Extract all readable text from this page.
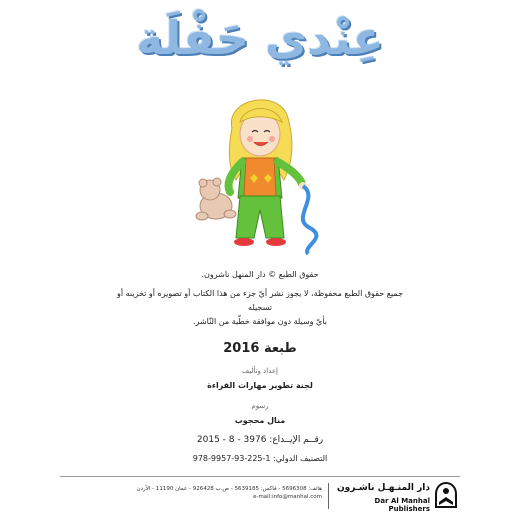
عِنْدي حَفْلَة
حقوق الطبع © دار المنهل ناشرون.
جميع حقوق الطبع محفوظة، لا يجوز نشر أيّ جزء من هذا الكتاب أو تصويره أو تخزينه أو تسجيله
بأيّ وسيلة دون موافقة خطّية من النّاشر.
طبعة 2016
إعداد وتأليف
لجنة تطوير مهارات القراءة
رسوم
منال محجوب
رقــم الإيــداع: 3976 - 8 - 2015
التصنيف الدولي: 1-225-93-9957-978
هاتف: 5696308 - فاكس: 5639185 - ص.ب 926428 - عمان 11190 - الأردن
e-mail:info@manhal.com
دار المنـهـل ناشـرون
Dar Al Manhal Publishers
